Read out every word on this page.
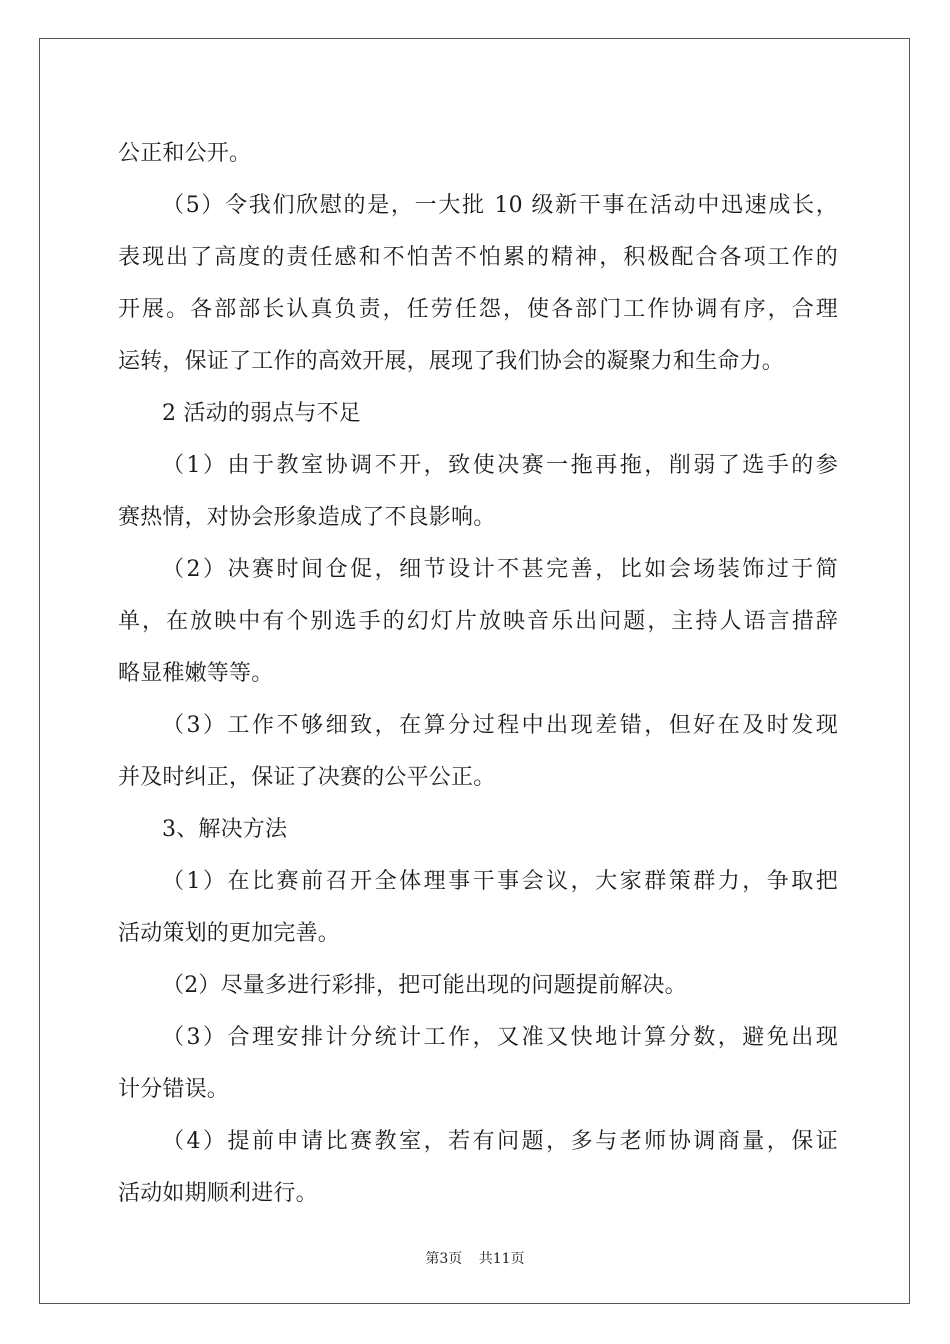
公正和公开。

（5）令我们欣慰的是，一大批 10 级新干事在活动中迅速成长，
表现出了高度的责任感和不怕苦不怕累的精神，积极配合各项工作的
开展。各部部长认真负责，任劳任怨，使各部门工作协调有序，合理
运转，保证了工作的高效开展，展现了我们协会的凝聚力和生命力。

2 活动的弱点与不足

（1）由于教室协调不开，致使决赛一拖再拖，削弱了选手的参
赛热情，对协会形象造成了不良影响。

（2）决赛时间仓促，细节设计不甚完善，比如会场装饰过于简
单，在放映中有个别选手的幻灯片放映音乐出问题，主持人语言措辞
略显稚嫩等等。

（3）工作不够细致，在算分过程中出现差错，但好在及时发现
并及时纠正，保证了决赛的公平公正。

3、解决方法

（1）在比赛前召开全体理事干事会议，大家群策群力，争取把
活动策划的更加完善。

（2）尽量多进行彩排，把可能出现的问题提前解决。

（3）合理安排计分统计工作，又准又快地计算分数，避免出现
计分错误。

（4）提前申请比赛教室，若有问题，多与老师协调商量，保证
活动如期顺利进行。

第3页 共11页
